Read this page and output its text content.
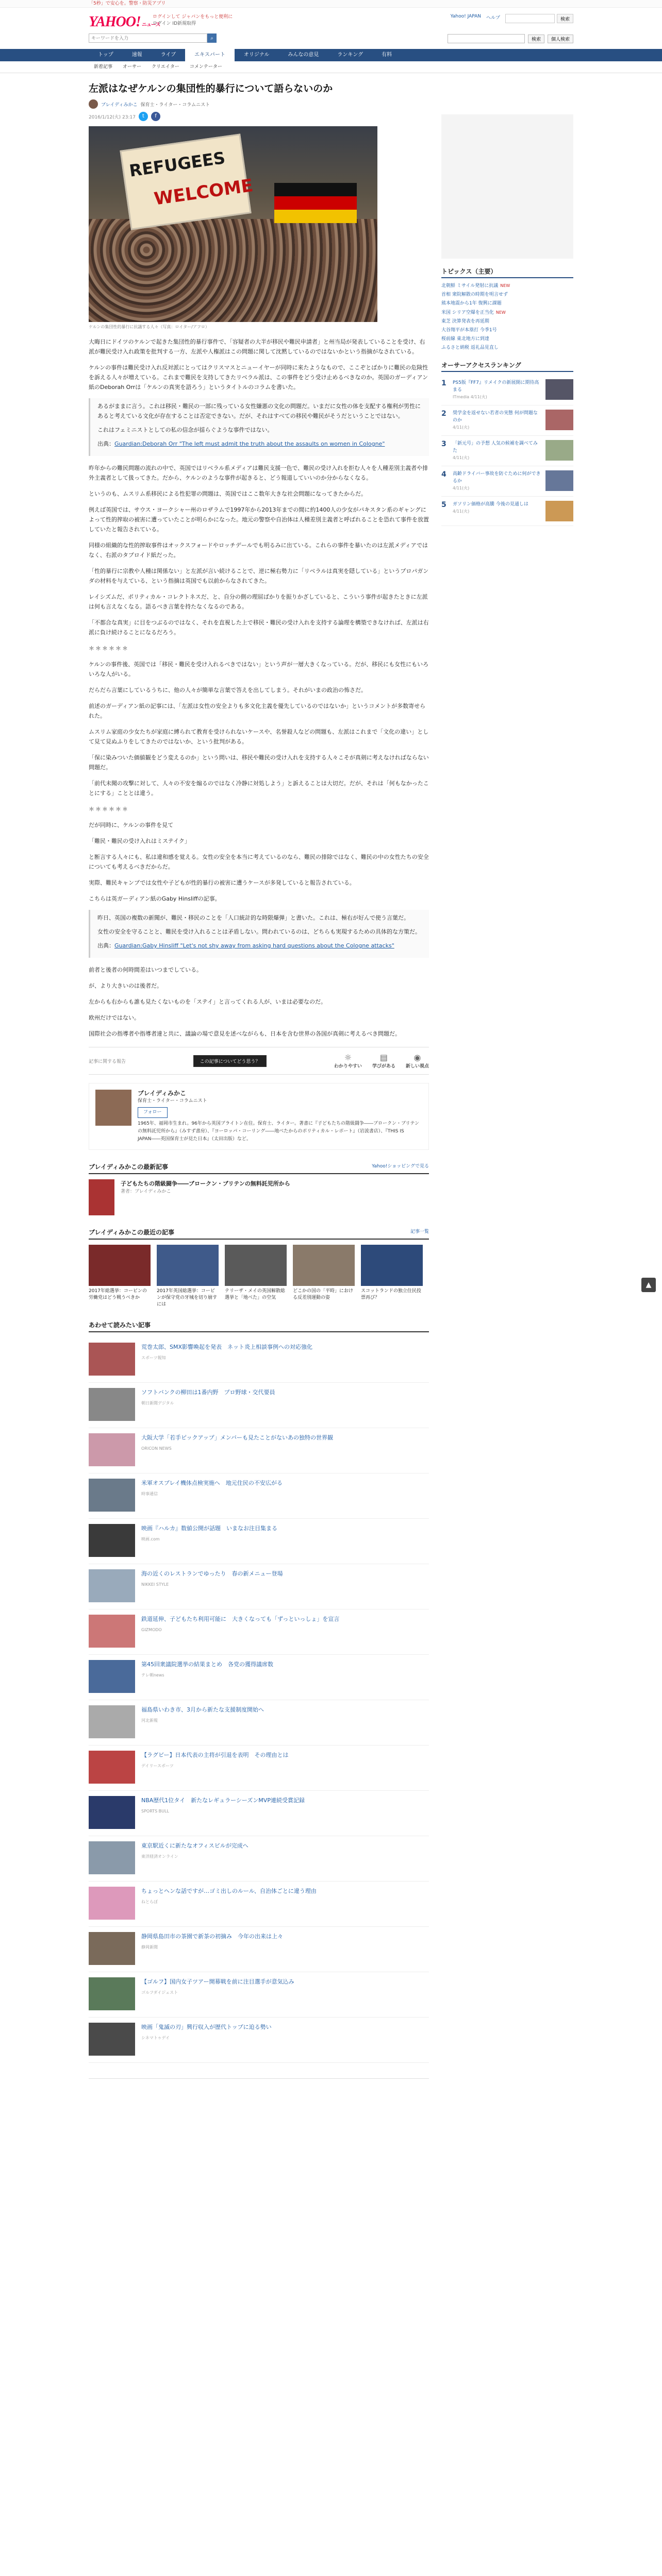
「5秒」で安心を。警察・防災アプリ
YAHOO! ニュース
ログインして ジャパンをもっと便利に
ログイン ID新規取得
Yahoo! JAPAN ヘルプ	検索
キーワードを入力
⌕	検索	個人検索
トップ	速報	ライブ	エキスパート	オリジナル	みんなの意見	ランキング	有料
新着記事	オーサー	クリエイター	コメンテーター
左派はなぜケルンの集団性的暴行について語らないのか
ブレイディみかこ 保育士・ライター・コラムニスト
2016/1/12(火) 23:17	t	f
REFUGEES
WELCOME
ケルンの集団性的暴行に抗議する人々（写真：ロイター/アフロ）

大晦日にドイツのケルンで起きた集団性的暴行事件で、「容疑者の大半が移民や難民申請者」と州当局が発表していることを受け、右派が難民受け入れ政策を批判する一方、左派や人権派はこの問題に関して沈黙しているのではないかという指摘がなされている。

ケルンの事件は難民受け入れ反対派にとってはクリスマスとニューイヤーが同時に来たようなもので、ここぞとばかりに難民の危険性を訴える人々が増えている。これまで難民を支持してきたリベラル派は、この事件をどう受け止めるべきなのか。英国のガーディアン紙のDeborah Orrは「ケルンの真実を語ろう」というタイトルのコラムを書いた。

あるがままに言う。これは移民・難民の一部に残っている女性嫌悪の文化の問題だ。いまだに女性の体を支配する権利が男性にあると考えている文化が存在することは否定できない。だが、それはすべての移民や難民がそうだということではない。

これはフェミニストとしての私の信念が揺らぐような事件ではない。

出典：Guardian:Deborah Orr "The left must admit the truth about the assaults on women in Cologne"

昨年からの難民問題の流れの中で、英国ではリベラル系メディアは難民支援一色で、難民の受け入れを拒む人々を人種差別主義者や排外主義者として扱ってきた。だから、ケルンのような事件が起きると、どう報道していいのか分からなくなる。

というのも、ムスリム系移民による性犯罪の問題は、英国ではここ数年大きな社会問題になってきたからだ。

例えば英国では、サウス・ヨークシャー州のロザラムで1997年から2013年までの間に約1400人の少女がパキスタン系のギャングによって性的搾取の被害に遭っていたことが明らかになった。地元の警察や自治体は人種差別主義者と呼ばれることを恐れて事件を放置していたと報告されている。

同様の組織的な性的搾取事件はオックスフォードやロッチデールでも明るみに出ている。これらの事件を暴いたのは左派メディアではなく、右派のタブロイド紙だった。

「性的暴行に宗教や人種は関係ない」と左派が言い続けることで、逆に極右勢力に「リベラルは真実を隠している」というプロパガンダの材料を与えている、という指摘は英国でも以前からなされてきた。

レイシズムだ、ポリティカル・コレクトネスだ、と、自分の側の理屈ばかりを振りかざしていると、こういう事件が起きたときに左派は何も言えなくなる。語るべき言葉を持たなくなるのである。

「不都合な真実」に目をつぶるのではなく、それを直視した上で移民・難民の受け入れを支持する論理を構築できなければ、左派は右派に負け続けることになるだろう。

＊＊＊＊＊＊

ケルンの事件後、英国では「移民・難民を受け入れるべきではない」という声が一層大きくなっている。だが、移民にも女性にもいろいろな人がいる。

だらだら言葉にしているうちに、他の人々が簡単な言葉で答えを出してしまう。それがいまの政治の怖さだ。

前述のガーディアン紙の記事には、「左派は女性の安全よりも多文化主義を優先しているのではないか」というコメントが多数寄せられた。

ムスリム家庭の少女たちが家庭に縛られて教育を受けられないケースや、名誉殺人などの問題も、左派はこれまで「文化の違い」として見て見ぬふりをしてきたのではないか、という批判がある。

「保に染みついた価値観をどう変えるのか」という問いは、移民や難民の受け入れを支持する人々こそが真剣に考えなければならない問題だ。

「前代未聞の攻撃に対して、人々の不安を煽るのではなく冷静に対処しよう」と訴えることは大切だ。だが、それは「何もなかったことにする」こととは違う。

＊＊＊＊＊＊

だが同時に、ケルンの事件を見て

「難民・難民の受け入れはミステイク」

と断言する人々にも、私は違和感を覚える。女性の安全を本当に考えているのなら、難民の排除ではなく、難民の中の女性たちの安全についても考えるべきだからだ。

実際、難民キャンプでは女性や子どもが性的暴行の被害に遭うケースが多発していると報告されている。

こちらは英ガーディアン紙のGaby Hinsliffの記事。

昨日、英国の複数の新聞が、難民・移民のことを「人口統計的な時限爆弾」と書いた。これは、極右が好んで使う言葉だ。

女性の安全を守ることと、難民を受け入れることは矛盾しない。問われているのは、どちらも実現するための具体的な方策だ。

出典：Guardian:Gaby Hinsliff "Let's not shy away from asking hard questions about the Cologne attacks"

前者と後者の何時間差はいつまでしている。

が、より大きいのは後者だ。

左からも右からも誰も見たくないものを「ステイ」と言ってくれる人が、いまは必要なのだ。

欧州だけではない。

国際社会の指導者や指導者達と共に、議論の場で意見を述べながらも、日本を含む世界の各国が真剣に考えるべき問題だ。

記事に関する報告	この記事についてどう思う？	☼
わかりやすい
▤
学びがある
◉
新しい視点
ブレイディみかこ
保育士・ライター・コラムニスト
フォロー
1965年、福岡市生まれ。96年から英国ブライトン在住。保育士、ライター。著書に『子どもたちの階級闘争――ブロークン・ブリテンの無料託児所から』（みすず書房）、『ヨーロッパ・コーリング――地べたからのポリティカル・レポート』（岩波書店）、『THIS IS JAPAN――英国保育士が見た日本』（太田出版）など。
ブレイディみかこの最新記事	Yahoo!ショッピングで見る
子どもたちの階級闘争――ブロークン・ブリテンの無料託児所から
著者：ブレイディみかこ
ブレイディみかこの最近の記事	記事一覧
2017年総選挙：コービンの労働党はどう戦うべきか
2017年英国総選挙：コービンが保守党の牙城を切り崩すには
テリーザ・メイの英国解散総選挙と「地べた」の空気
どこかの国の「平時」における反差別運動の姿
スコットランドの独立住民投票再び？
あわせて読みたい記事
荒巻太郎、SMX影響喚起を発表　ネット炎上相談事例への対応強化
スポーツ報知
ソフトバンクの柳田は1番内野　プロ野球・交代要員
朝日新聞デジタル
大阪大学「若手ピックアップ」メンバーも見たことがないあの独特の世界観
ORICON NEWS
米軍オスプレイ機体点検実施へ　地元住民の不安広がる
時事通信
映画『ハルカ』数値公開が話題　いまなお注目集まる
映画.com
海の近くのレストランでゆったり　春の新メニュー登場
NIKKEI STYLE
鉄道延伸、子どもたち利用可能に　大きくなっても「ずっといっしょ」を宣言
GIZMODO
第45回衆議院選挙の結果まとめ　各党の獲得議席数
テレ朝news
福島県いわき市、3月から新たな支援制度開始へ
河北新報
【ラグビー】日本代表の主将が引退を表明　その理由とは
デイリースポーツ
NBA歴代1位タイ　新たなレギュラーシーズンMVP連続受賞記録
SPORTS BULL
東京駅近くに新たなオフィスビルが完成へ
東洋経済オンライン
ちょっとヘンな話ですが…ゴミ出しのルール、自治体ごとに違う理由
ねとらぼ
静岡県島田市の茶園で新茶の初摘み　今年の出来は上々
静岡新聞
【ゴルフ】国内女子ツアー開幕戦を前に注目選手が意気込み
ゴルフダイジェスト
映画「鬼滅の刃」興行収入が歴代トップに迫る勢い
シネマトゥデイ
トピックス（主要）
北朝鮮 ミサイル発射に抗議 NEW
首相 衆院解散の時期を明言せず
熊本地震から1年 復興に課題
米国 シリア空爆を正当化 NEW
東芝 決算発表を再延期
大谷翔平が本塁打 今季1号
桜前線 東北地方に到達
ふるさと納税 返礼品見直し
オーサーアクセスランキング
1	PS5版『FF7』リメイクの新展開に期待高まる
ITmedia 4/11(火)
2	奨学金を返せない若者の実態 何が問題なのか
4/11(火)
3	「新元号」の予想 人気の候補を調べてみた
4/11(火)
4	高齢ドライバー事故を防ぐために何ができるか
4/11(火)
5	ガソリン価格が高騰 今後の見通しは
4/11(火)
▲
